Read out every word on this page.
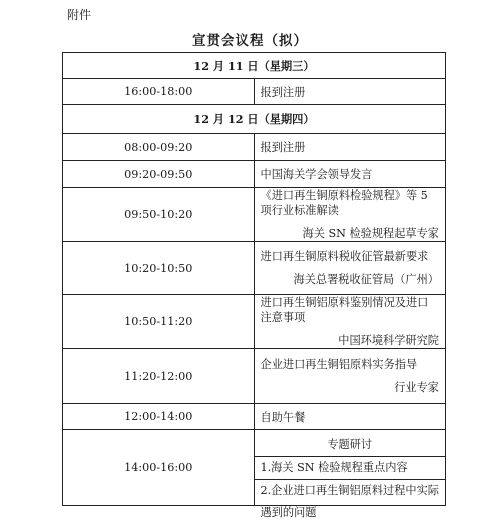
附件
宣贯会议程（拟）
12 月 11 日（星期三）	
16:00-18:00	报到注册
12 月 12 日（星期四）	
08:00-09:20	报到注册
09:20-09:50	中国海关学会领导发言
09:50-10:20	《进口再生铜原料检验规程》等 5 项行业标准解读
海关 SN 检验规程起草专家

10:20-10:50	进口再生铜原料税收征管最新要求
海关总署税收征管局（广州）

10:50-11:20	进口再生铜铝原料鉴别情况及进口注意事项
中国环境科学研究院

11:20-12:00	企业进口再生铜铝原料实务指导
行业专家

12:00-14:00	自助午餐
14:00-16:00	专题研讨
1.海关 SN 检验规程重点内容
2.企业进口再生铜铝原料过程中实际遇到的问题
